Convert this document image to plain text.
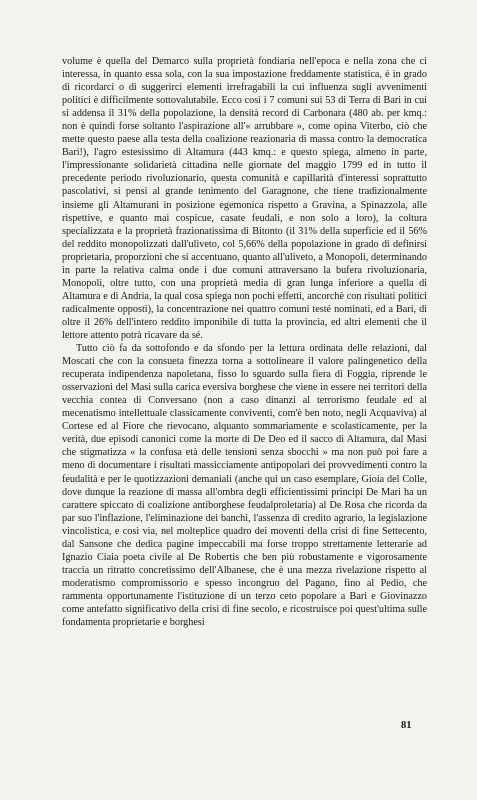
volume è quella del Demarco sulla proprietà fondiaria nell'epoca e nella zona che ci interessa, in quanto essa sola, con la sua impostazione freddamente statistica, è in grado di ricordarci o di suggerirci elementi irrefragabili la cui influenza sugli avvenimenti politici è difficilmente sottovalutabile. Ecco così i 7 comuni sui 53 di Terra di Bari in cui si addensa il 31% della popolazione, la densità record di Carbonara (480 ab. per kmq.: non è quindi forse soltanto l'aspirazione all'« arrubbare », come opina Viterbo, ciò che mette questo paese alla testa della coalizione reazionaria di massa contro la democratica Bari!), l'agro estesissimo di Altamura (443 kmq.: e questo spiega, almeno in parte, l'impressionante solidarietà cittadina nelle giornate del maggio 1799 ed in tutto il precedente periodo rivoluzionario, questa comunità e capillarità d'interessi soprattutto pascolativi, si pensi al grande tenimento del Garagnone, che tiene tradizionalmente insieme gli Altamurani in posizione egemonica rispetto a Gravina, a Spinazzola, alle rispettive, e quanto mai cospicue, casate feudali, e non solo a loro), la coltura specializzata e la proprietà frazionatissima di Bitonto (il 31% della superficie ed il 56% del reddito monopolizzati dall'uliveto, col 5,66% della popolazione in grado di definirsi proprietaria, proporzioni che si accentuano, quanto all'uliveto, a Monopoli, determinando in parte la relativa calma onde i due comuni attraversano la bufera rivoluzionaria, Monopoli, oltre tutto, con una proprietà media di gran lunga inferiore a quella di Altamura e di Andria, la qual cosa spiega non pochi effetti, ancorchè con risultati politici radicalmente opposti), la concentrazione nei quattro comuni testé nominati, ed a Bari, di oltre il 26% dell'intero reddito imponibile di tutta la provincia, ed altri elementi che il lettore attento potrà ricavare da sé.

Tutto ciò fa da sottofondo e da sfondo per la lettura ordinata delle relazioni, dal Moscati che con la consueta finezza torna a sottolineare il valore palingenetico della recuperata indipendenza napoletana, fisso lo sguardo sulla fiera di Foggia, riprende le osservazioni del Masi sulla carica eversiva borghese che viene in essere nei territori della vecchia contea di Conversano (non a caso dinanzi al terrorismo feudale ed al mecenatismo intellettuale classicamente conviventi, com'è ben noto, negli Acquaviva) al Cortese ed al Fiore che rievocano, alquanto sommariamente e scolasticamente, per la verità, due episodi canonici come la morte di De Deo ed il sacco di Altamura, dal Masi che stigmatizza « la confusa età delle tensioni senza sbocchi » ma non può poi fare a meno di documentare i risultati massicciamente antipopolari dei provvedimenti contro la feudalità e per le quotizzazioni demaniali (anche qui un caso esemplare, Gioia del Colle, dove dunque la reazione di massa all'ombra degli efficientissimi principi De Mari ha un carattere spiccato di coalizione antiborghese feudalproletaria) al De Rosa che ricorda da par suo l'inflazione, l'eliminazione dei banchi, l'assenza di credito agrario, la legislazione vincolistica, e così via, nel molteplice quadro dei moventi della crisi di fine Settecento, dal Sansone che dedica pagine impeccabili ma forse troppo strettamente letterarie ad Ignazio Ciaia poeta civile al De Robertis che ben più robustamente e vigorosamente traccia un ritratto concretissimo dell'Albanese, che è una mezza rivelazione rispetto al moderatismo compromissorio e spesso incongruo del Pagano, fino al Pedio, che rammenta opportunamente l'istituzione di un terzo ceto popolare a Bari e Giovinazzo come antefatto significativo della crisi di fine secolo, e ricostruisce poi quest'ultima sulle fondamenta proprietarie e borghesi

81
